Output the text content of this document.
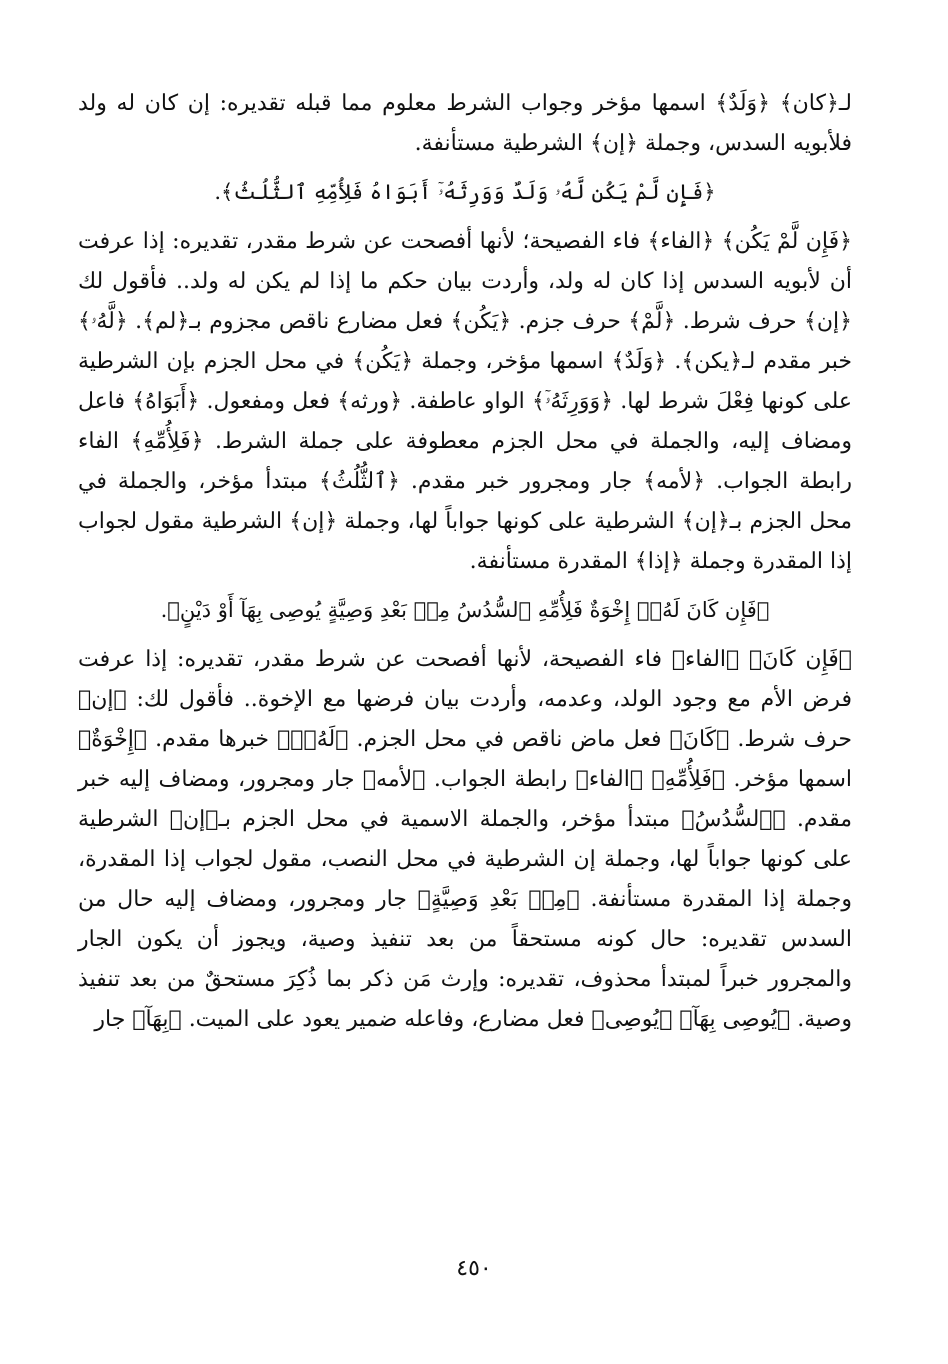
لـ﴿كان﴾ ﴿وَلَدٌ﴾ اسمها مؤخر وجواب الشرط معلوم مما قبله تقديره: إن كان له ولد فلأبويه السدس، وجملة ﴿إن﴾ الشرطية مستأنفة.

﴿فَإِن لَّمْ يَكُن لَّهُۥ وَلَدٌ وَوَرِثَهُۥٓ أَبَوَاهُ فَلِأُمِّهِ ٱلثُّلُثُ﴾.

﴿فَإِن لَّمْ يَكُن﴾ ﴿الفاء﴾ فاء الفصيحة؛ لأنها أفصحت عن شرط مقدر، تقديره: إذا عرفت أن لأبويه السدس إذا كان له ولد، وأردت بيان حكم ما إذا لم يكن له ولد.. فأقول لك ﴿إن﴾ حرف شرط. ﴿لَّمْ﴾ حرف جزم. ﴿يَكُن﴾ فعل مضارع ناقص مجزوم بـ﴿لم﴾. ﴿لَّهُۥ﴾ خبر مقدم لـ﴿يكن﴾. ﴿وَلَدٌ﴾ اسمها مؤخر، وجملة ﴿يَكُن﴾ في محل الجزم بإن الشرطية على كونها فِعْلَ شرط لها. ﴿وَوَرِثَهُۥٓ﴾ الواو عاطفة. ﴿ورثه﴾ فعل ومفعول. ﴿أَبَوَاهُ﴾ فاعل ومضاف إليه، والجملة في محل الجزم معطوفة على جملة الشرط. ﴿فَلِأُمِّهِ﴾ الفاء رابطة الجواب. ﴿لأمه﴾ جار ومجرور خبر مقدم. ﴿ٱلثُّلُثُ﴾ مبتدأ مؤخر، والجملة في محل الجزم بـ﴿إن﴾ الشرطية على كونها جواباً لها، وجملة ﴿إن﴾ الشرطية مقول لجواب إذا المقدرة وجملة ﴿إذا﴾ المقدرة مستأنفة.

﴿فَإِن كَانَ لَهُۥٓ إِخْوَةٌ فَلِأُمِّهِ ٱلسُّدُسُ مِنۢ بَعْدِ وَصِيَّةٍ يُوصِى بِهَآ أَوْ دَيْنٍ﴾.

﴿فَإِن كَانَ﴾ ﴿الفاء﴾ فاء الفصيحة، لأنها أفصحت عن شرط مقدر، تقديره: إذا عرفت فرض الأم مع وجود الولد، وعدمه، وأردت بيان فرضها مع الإخوة.. فأقول لك: ﴿إن﴾ حرف شرط. ﴿كَانَ﴾ فعل ماض ناقص في محل الجزم. ﴿لَهُۥٓ﴾ خبرها مقدم. ﴿إِخْوَةٌ﴾ اسمها مؤخر. ﴿فَلِأُمِّهِ﴾ ﴿الفاء﴾ رابطة الجواب. ﴿لأمه﴾ جار ومجرور، ومضاف إليه خبر مقدم. ﴿ٱلسُّدُسُ﴾ مبتدأ مؤخر، والجملة الاسمية في محل الجزم بـ﴿إن﴾ الشرطية على كونها جواباً لها، وجملة إن الشرطية في محل النصب، مقول لجواب إذا المقدرة، وجملة إذا المقدرة مستأنفة. ﴿مِنۢ بَعْدِ وَصِيَّةٍ﴾ جار ومجرور، ومضاف إليه حال من السدس تقديره: حال كونه مستحقاً من بعد تنفيذ وصية، ويجوز أن يكون الجار والمجرور خبراً لمبتدأ محذوف، تقديره: وإرث مَن ذكر بما ذُكِرَ مستحقٌ من بعد تنفيذ وصية. ﴿يُوصِى بِهَآ﴾ ﴿يُوصِى﴾ فعل مضارع، وفاعله ضمير يعود على الميت. ﴿بِهَآ﴾ جار

٤٥٠
